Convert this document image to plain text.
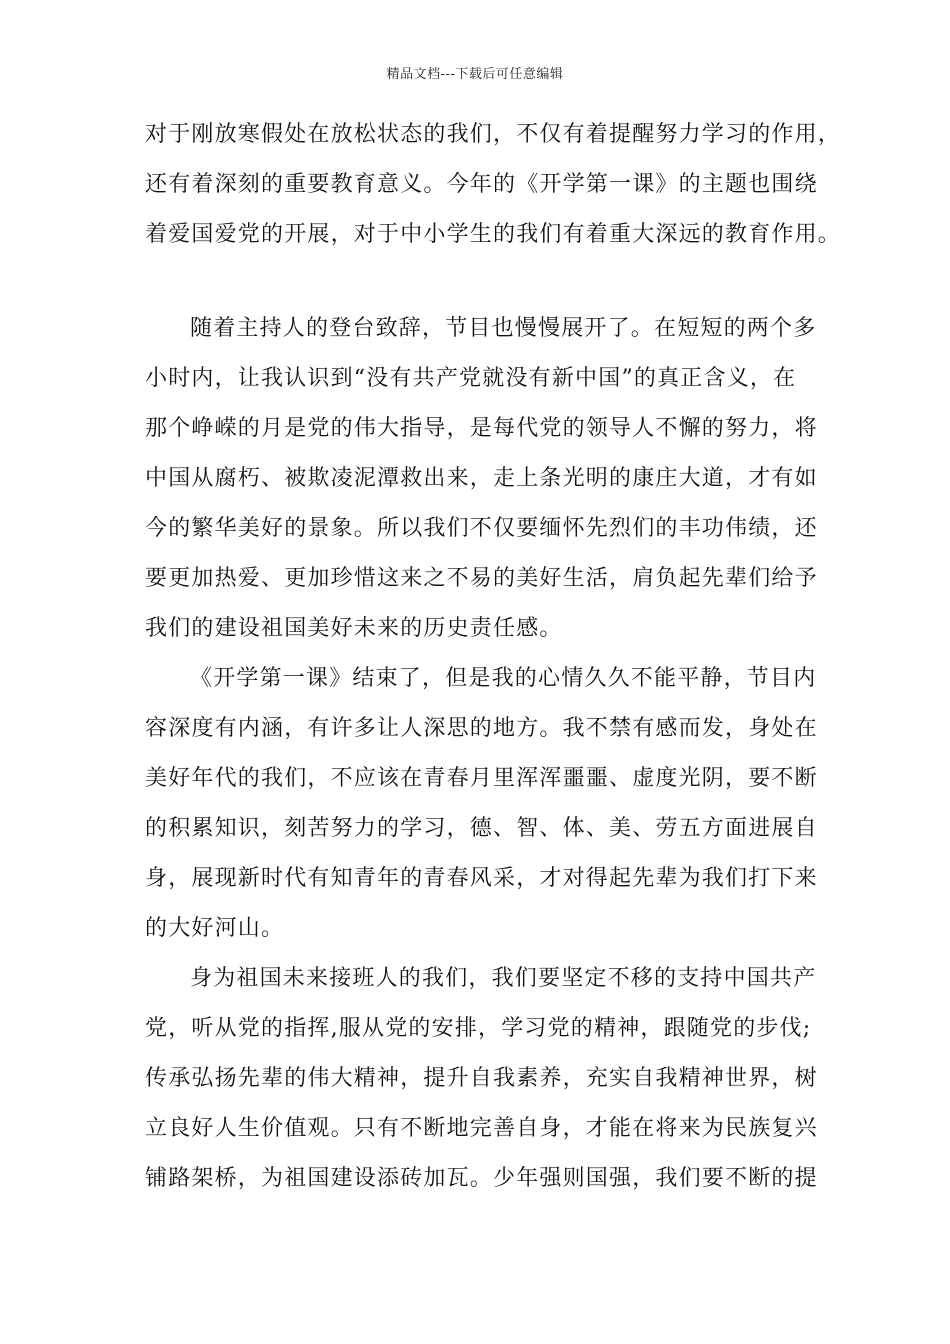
精品文档---下载后可任意编辑
对于刚放寒假处在放松状态的我们，不仅有着提醒努力学习的作用，
还有着深刻的重要教育意义。今年的《开学第一课》的主题也围绕
着爱国爱党的开展，对于中小学生的我们有着重大深远的教育作用。
随着主持人的登台致辞，节目也慢慢展开了。在短短的两个多
小时内，让我认识到“没有共产党就没有新中国”的真正含义，在
那个峥嵘的月是党的伟大指导，是每代党的领导人不懈的努力，将
中国从腐朽、被欺凌泥潭救出来，走上条光明的康庄大道，才有如
今的繁华美好的景象。所以我们不仅要缅怀先烈们的丰功伟绩，还
要更加热爱、更加珍惜这来之不易的美好生活，肩负起先辈们给予
我们的建设祖国美好未来的历史责任感。
《开学第一课》结束了，但是我的心情久久不能平静，节目内
容深度有内涵，有许多让人深思的地方。我不禁有感而发，身处在
美好年代的我们，不应该在青春月里浑浑噩噩、虚度光阴，要不断
的积累知识，刻苦努力的学习，德、智、体、美、劳五方面进展自
身，展现新时代有知青年的青春风采，才对得起先辈为我们打下来
的大好河山。
身为祖国未来接班人的我们，我们要坚定不移的支持中国共产
党，听从党的指挥,服从党的安排，学习党的精神，跟随党的步伐;
传承弘扬先辈的伟大精神，提升自我素养，充实自我精神世界，树
立良好人生价值观。只有不断地完善自身，才能在将来为民族复兴
铺路架桥，为祖国建设添砖加瓦。少年强则国强，我们要不断的提
